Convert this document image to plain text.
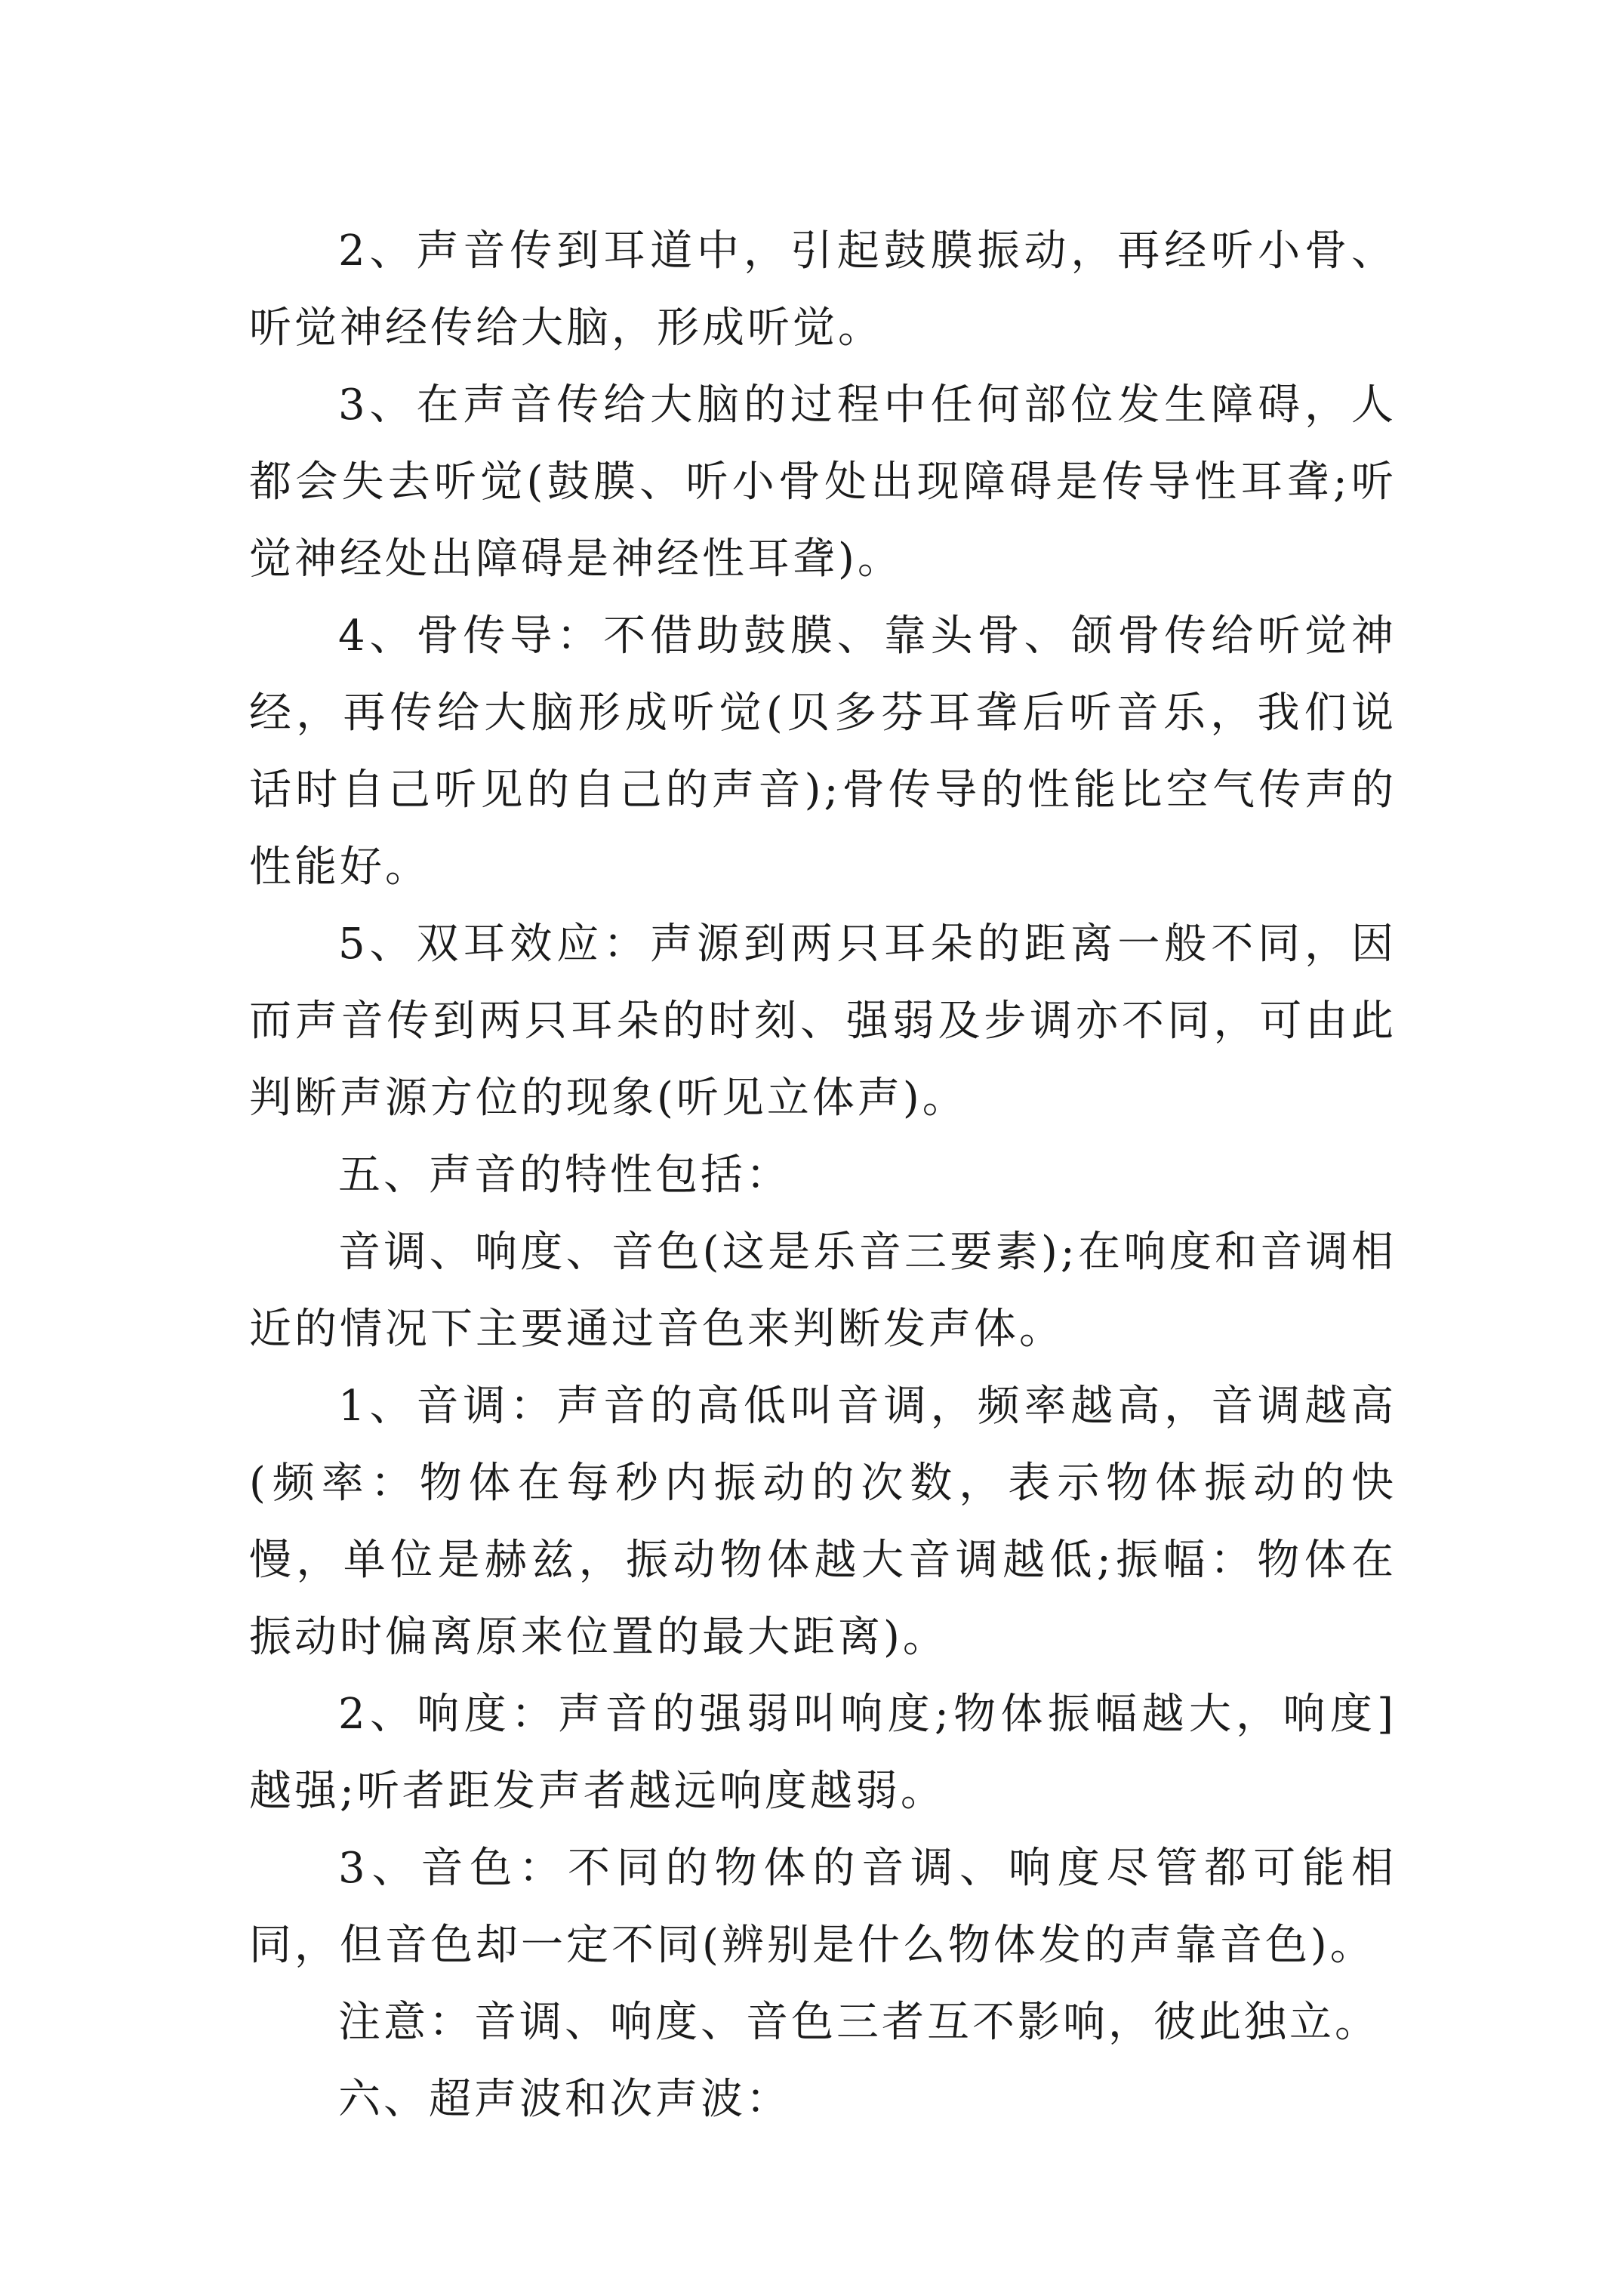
2、声音传到耳道中，引起鼓膜振动，再经听小骨、听觉神经传给大脑，形成听觉。

3、在声音传给大脑的过程中任何部位发生障碍，人都会失去听觉(鼓膜、听小骨处出现障碍是传导性耳聋;听觉神经处出障碍是神经性耳聋)。

4、骨传导：不借助鼓膜、靠头骨、颌骨传给听觉神经，再传给大脑形成听觉(贝多芬耳聋后听音乐，我们说话时自己听见的自己的声音);骨传导的性能比空气传声的性能好。

5、双耳效应：声源到两只耳朵的距离一般不同，因而声音传到两只耳朵的时刻、强弱及步调亦不同，可由此判断声源方位的现象(听见立体声)。

五、声音的特性包括：

音调、响度、音色(这是乐音三要素);在响度和音调相近的情况下主要通过音色来判断发声体。

1、音调：声音的高低叫音调，频率越高，音调越高(频率：物体在每秒内振动的次数，表示物体振动的快慢，单位是赫兹，振动物体越大音调越低;振幅：物体在振动时偏离原来位置的最大距离)。

2、响度：声音的强弱叫响度;物体振幅越大，响度]越强;听者距发声者越远响度越弱。

3、音色：不同的物体的音调、响度尽管都可能相同，但音色却一定不同(辨别是什么物体发的声靠音色)。

注意：音调、响度、音色三者互不影响，彼此独立。

六、超声波和次声波：
